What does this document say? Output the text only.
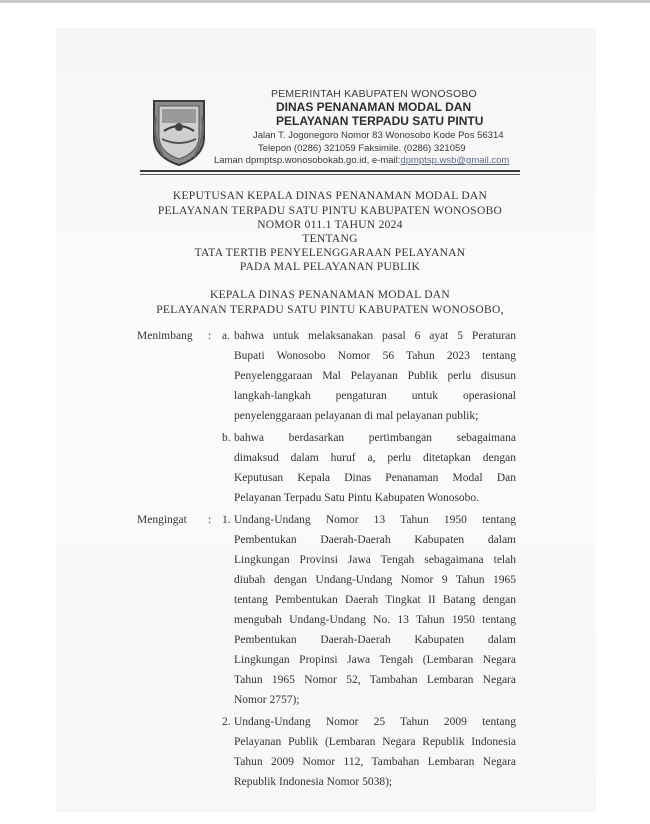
PEMERINTAH KABUPATEN WONOSOBO
DINAS PENANAMAN MODAL DAN
PELAYANAN TERPADU SATU PINTU
Jalan T. Jogonegoro Nomor 83 Wonosobo Kode Pos 56314
Telepon (0286) 321059 Faksimile. (0286) 321059
Laman dpmptsp.wonosobokab.go.id, e-mail:dpmptsp.wsb@gmail.com
KEPUTUSAN KEPALA DINAS PENANAMAN MODAL DAN
PELAYANAN TERPADU SATU PINTU KABUPATEN WONOSOBO
NOMOR 011.1 TAHUN 2024
TENTANG
TATA TERTIB PENYELENGGARAAN PELAYANAN
PADA MAL PELAYANAN PUBLIK
KEPALA DINAS PENANAMAN MODAL DAN
PELAYANAN TERPADU SATU PINTU KABUPATEN WONOSOBO,
Menimbang : a. bahwa untuk melaksanakan pasal 6 ayat 5 Peraturan
Bupati Wonosobo Nomor 56 Tahun 2023 tentang
Penyelenggaraan Mal Pelayanan Publik perlu disusun
langkah-langkah pengaturan untuk operasional
penyelenggaraan pelayanan di mal pelayanan publik;
b. bahwa berdasarkan pertimbangan sebagaimana
dimaksud dalam huruf a, perlu ditetapkan dengan
Keputusan Kepala Dinas Penanaman Modal Dan
Pelayanan Terpadu Satu Pintu Kabupaten Wonosobo.
Mengingat : 1. Undang-Undang Nomor 13 Tahun 1950 tentang
Pembentukan Daerah-Daerah Kabupaten dalam
Lingkungan Provinsi Jawa Tengah sebagaimana telah
diubah dengan Undang-Undang Nomor 9 Tahun 1965
tentang Pembentukan Daerah Tingkat II Batang dengan
mengubah Undang-Undang No. 13 Tahun 1950 tentang
Pembentukan Daerah-Daerah Kabupaten dalam
Lingkungan Propinsi Jawa Tengah (Lembaran Negara
Tahun 1965 Nomor 52, Tambahan Lembaran Negara
Nomor 2757);
2. Undang-Undang Nomor 25 Tahun 2009 tentang
Pelayanan Publik (Lembaran Negara Republik Indonesia
Tahun 2009 Nomor 112, Tambahan Lembaran Negara
Republik Indonesia Nomor 5038);
